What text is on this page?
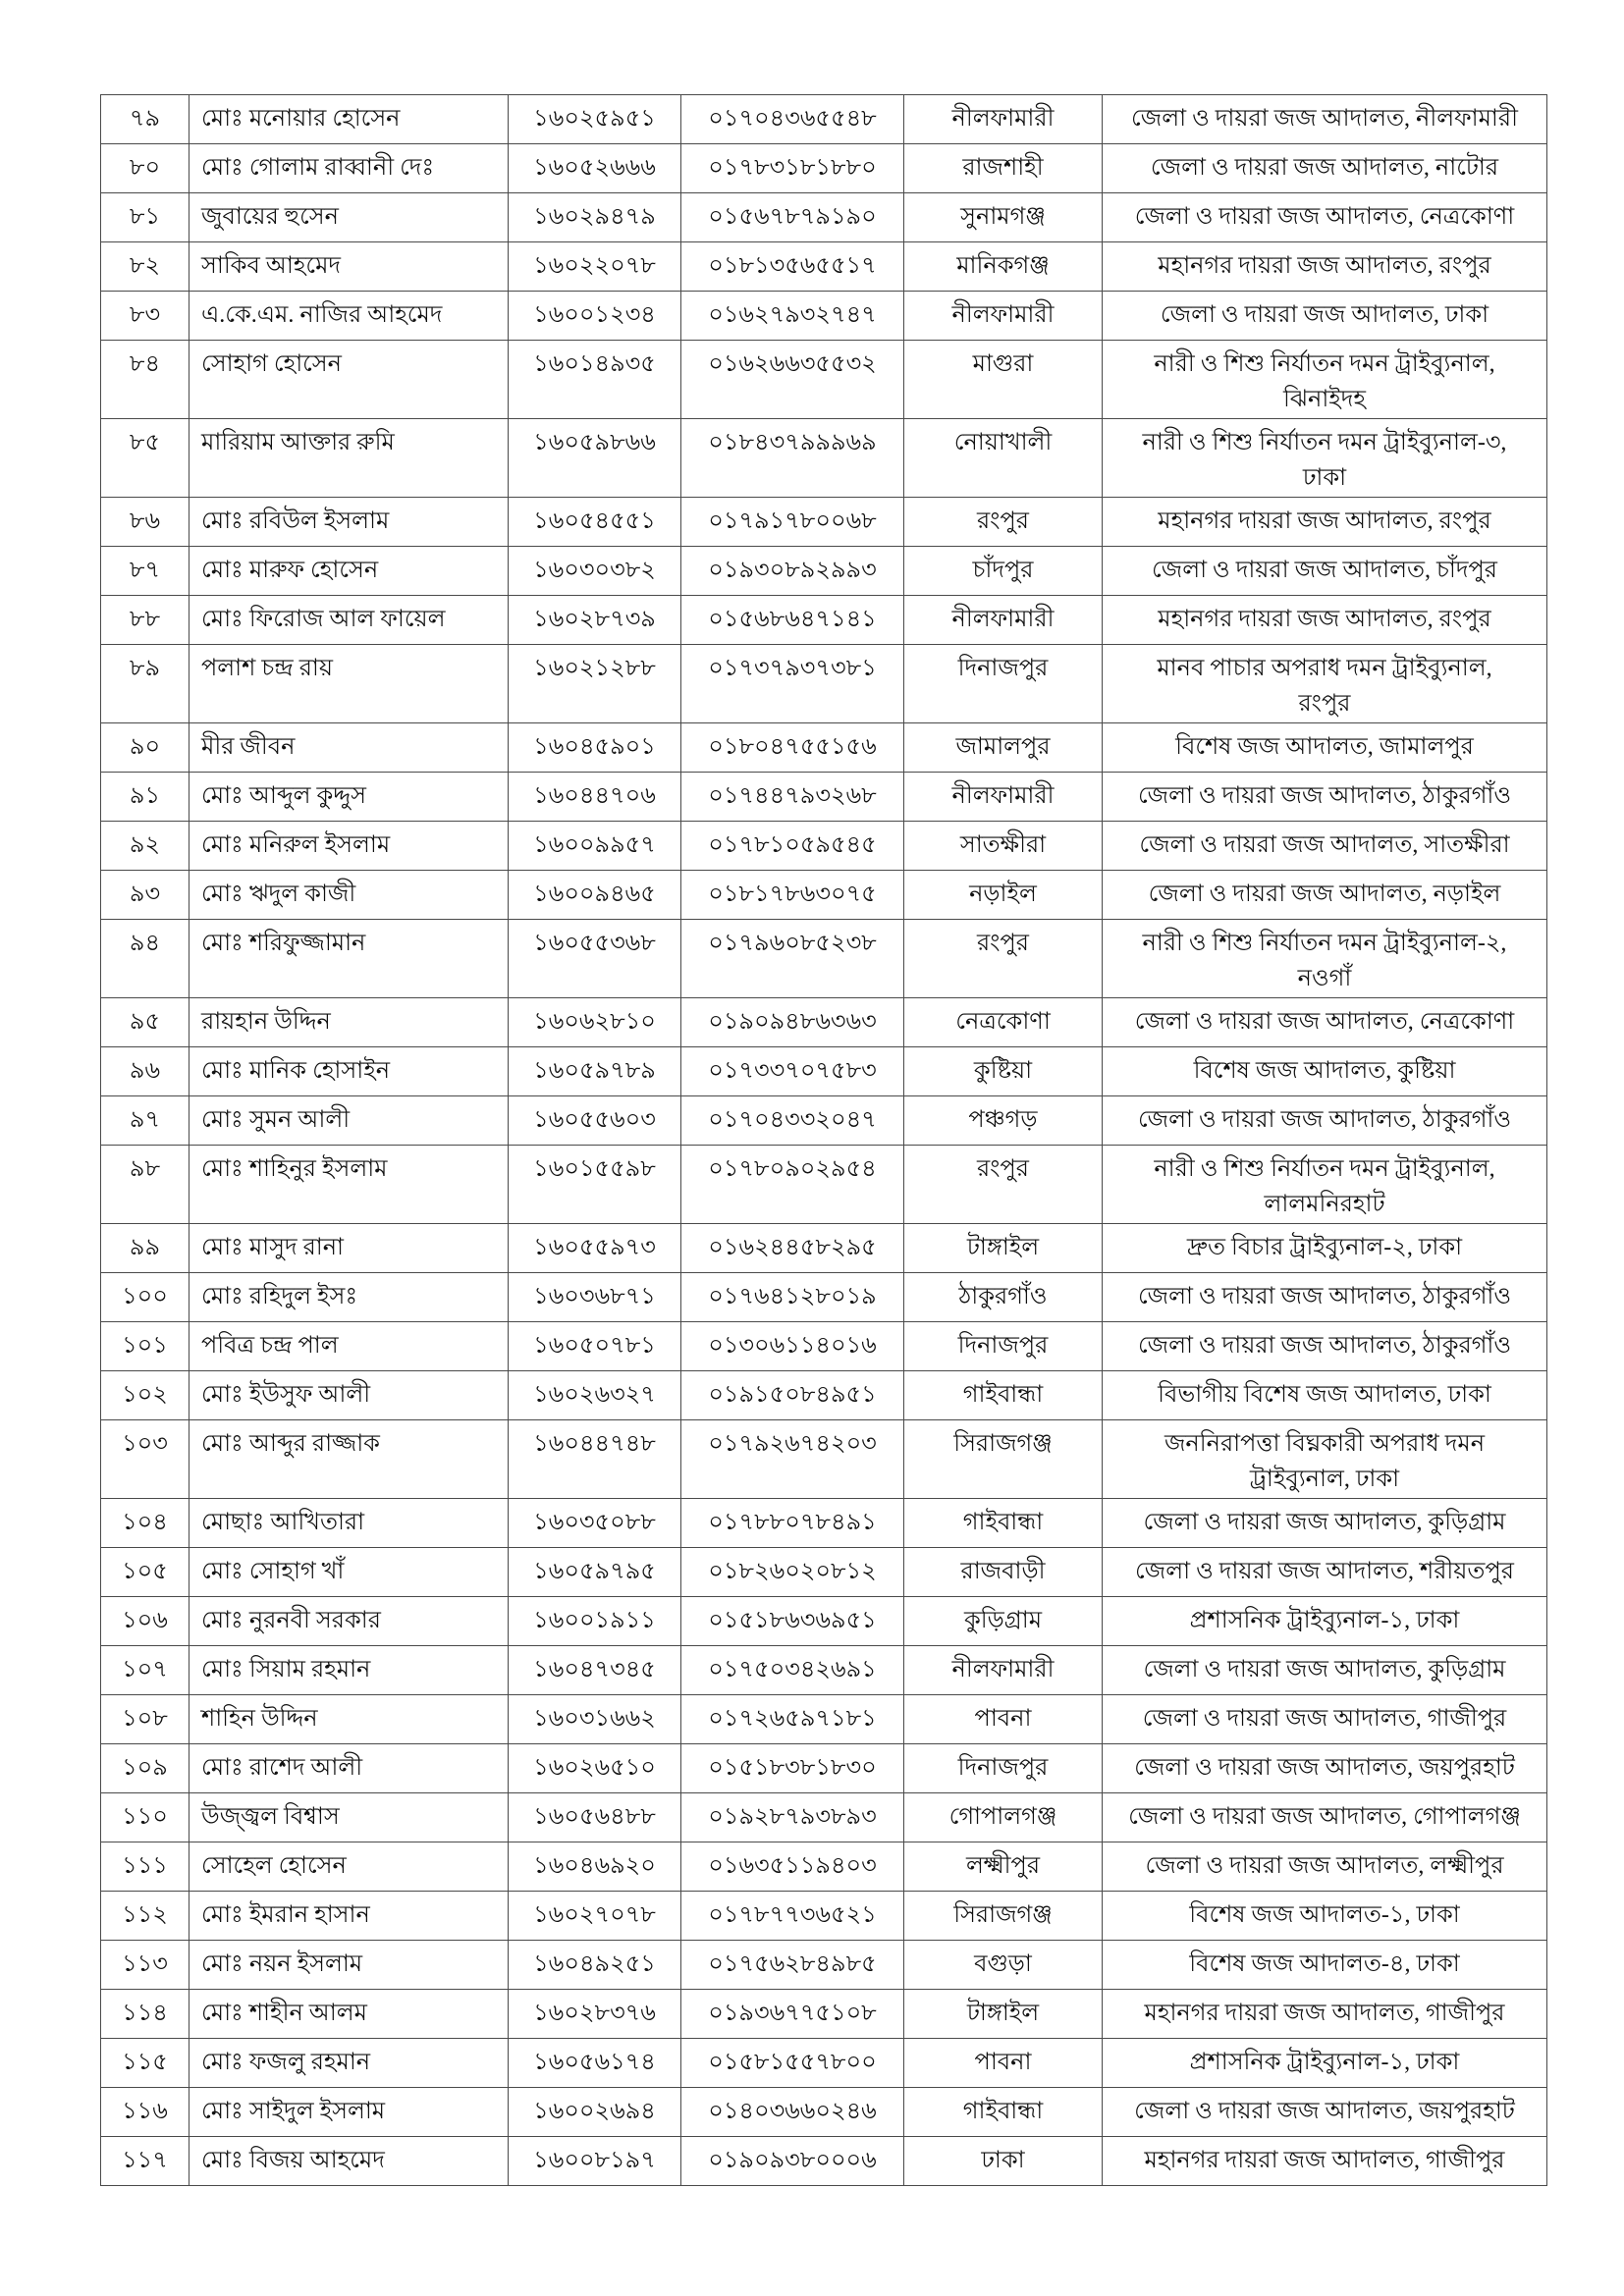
৭৯	মোঃ মনোয়ার হোসেন	১৬০২৫৯৫১	০১৭০৪৩৬৫৫৪৮	নীলফামারী	জেলা ও দায়রা জজ আদালত, নীলফামারী
৮০	মোঃ গোলাম রাব্বানী দেঃ	১৬০৫২৬৬৬	০১৭৮৩১৮১৮৮০	রাজশাহী	জেলা ও দায়রা জজ আদালত, নাটোর
৮১	জুবায়ের হুসেন	১৬০২৯৪৭৯	০১৫৬৭৮৭৯১৯০	সুনামগঞ্জ	জেলা ও দায়রা জজ আদালত, নেত্রকোণা
৮২	সাকিব আহমেদ	১৬০২২০৭৮	০১৮১৩৫৬৫৫১৭	মানিকগঞ্জ	মহানগর দায়রা জজ আদালত, রংপুর
৮৩	এ.কে.এম. নাজির আহমেদ	১৬০০১২৩৪	০১৬২৭৯৩২৭৪৭	নীলফামারী	জেলা ও দায়রা জজ আদালত, ঢাকা
৮৪	সোহাগ হোসেন	১৬০১৪৯৩৫	০১৬২৬৬৩৫৫৩২	মাগুরা	নারী ও শিশু নির্যাতন দমন ট্রাইব্যুনাল,
ঝিনাইদহ
৮৫	মারিয়াম আক্তার রুমি	১৬০৫৯৮৬৬	০১৮৪৩৭৯৯৯৬৯	নোয়াখালী	নারী ও শিশু নির্যাতন দমন ট্রাইব্যুনাল-৩,
ঢাকা
৮৬	মোঃ রবিউল ইসলাম	১৬০৫৪৫৫১	০১৭৯১৭৮০০৬৮	রংপুর	মহানগর দায়রা জজ আদালত, রংপুর
৮৭	মোঃ মারুফ হোসেন	১৬০৩০৩৮২	০১৯৩০৮৯২৯৯৩	চাঁদপুর	জেলা ও দায়রা জজ আদালত, চাঁদপুর
৮৮	মোঃ ফিরোজ আল ফায়েল	১৬০২৮৭৩৯	০১৫৬৮৬৪৭১৪১	নীলফামারী	মহানগর দায়রা জজ আদালত, রংপুর
৮৯	পলাশ চন্দ্র রায়	১৬০২১২৮৮	০১৭৩৭৯৩৭৩৮১	দিনাজপুর	মানব পাচার অপরাধ দমন ট্রাইব্যুনাল,
রংপুর
৯০	মীর জীবন	১৬০৪৫৯০১	০১৮০৪৭৫৫১৫৬	জামালপুর	বিশেষ জজ আদালত, জামালপুর
৯১	মোঃ আব্দুল কুদ্দুস	১৬০৪৪৭০৬	০১৭৪৪৭৯৩২৬৮	নীলফামারী	জেলা ও দায়রা জজ আদালত, ঠাকুরগাঁও
৯২	মোঃ মনিরুল ইসলাম	১৬০০৯৯৫৭	০১৭৮১০৫৯৫৪৫	সাতক্ষীরা	জেলা ও দায়রা জজ আদালত, সাতক্ষীরা
৯৩	মোঃ ঋদুল কাজী	১৬০০৯৪৬৫	০১৮১৭৮৬৩০৭৫	নড়াইল	জেলা ও দায়রা জজ আদালত, নড়াইল
৯৪	মোঃ শরিফুজ্জামান	১৬০৫৫৩৬৮	০১৭৯৬০৮৫২৩৮	রংপুর	নারী ও শিশু নির্যাতন দমন ট্রাইব্যুনাল-২,
নওগাঁ
৯৫	রায়হান উদ্দিন	১৬০৬২৮১০	০১৯০৯৪৮৬৩৬৩	নেত্রকোণা	জেলা ও দায়রা জজ আদালত, নেত্রকোণা
৯৬	মোঃ মানিক হোসাইন	১৬০৫৯৭৮৯	০১৭৩৩৭০৭৫৮৩	কুষ্টিয়া	বিশেষ জজ আদালত, কুষ্টিয়া
৯৭	মোঃ সুমন আলী	১৬০৫৫৬০৩	০১৭০৪৩৩২০৪৭	পঞ্চগড়	জেলা ও দায়রা জজ আদালত, ঠাকুরগাঁও
৯৮	মোঃ শাহিনুর ইসলাম	১৬০১৫৫৯৮	০১৭৮০৯০২৯৫৪	রংপুর	নারী ও শিশু নির্যাতন দমন ট্রাইব্যুনাল,
লালমনিরহাট
৯৯	মোঃ মাসুদ রানা	১৬০৫৫৯৭৩	০১৬২৪৪৫৮২৯৫	টাঙ্গাইল	দ্রুত বিচার ট্রাইব্যুনাল-২, ঢাকা
১০০	মোঃ রহিদুল ইসঃ	১৬০৩৬৮৭১	০১৭৬৪১২৮০১৯	ঠাকুরগাঁও	জেলা ও দায়রা জজ আদালত, ঠাকুরগাঁও
১০১	পবিত্র চন্দ্র পাল	১৬০৫০৭৮১	০১৩০৬১১৪০১৬	দিনাজপুর	জেলা ও দায়রা জজ আদালত, ঠাকুরগাঁও
১০২	মোঃ ইউসুফ আলী	১৬০২৬৩২৭	০১৯১৫০৮৪৯৫১	গাইবান্ধা	বিভাগীয় বিশেষ জজ আদালত, ঢাকা
১০৩	মোঃ আব্দুর রাজ্জাক	১৬০৪৪৭৪৮	০১৭৯২৬৭৪২০৩	সিরাজগঞ্জ	জননিরাপত্তা বিঘ্নকারী অপরাধ দমন
ট্রাইব্যুনাল, ঢাকা
১০৪	মোছাঃ আখিতারা	১৬০৩৫০৮৮	০১৭৮৮০৭৮৪৯১	গাইবান্ধা	জেলা ও দায়রা জজ আদালত, কুড়িগ্রাম
১০৫	মোঃ সোহাগ খাঁ	১৬০৫৯৭৯৫	০১৮২৬০২০৮১২	রাজবাড়ী	জেলা ও দায়রা জজ আদালত, শরীয়তপুর
১০৬	মোঃ নুরনবী সরকার	১৬০০১৯১১	০১৫১৮৬৩৬৯৫১	কুড়িগ্রাম	প্রশাসনিক ট্রাইব্যুনাল-১, ঢাকা
১০৭	মোঃ সিয়াম রহমান	১৬০৪৭৩৪৫	০১৭৫০৩৪২৬৯১	নীলফামারী	জেলা ও দায়রা জজ আদালত, কুড়িগ্রাম
১০৮	শাহিন উদ্দিন	১৬০৩১৬৬২	০১৭২৬৫৯৭১৮১	পাবনা	জেলা ও দায়রা জজ আদালত, গাজীপুর
১০৯	মোঃ রাশেদ আলী	১৬০২৬৫১০	০১৫১৮৩৮১৮৩০	দিনাজপুর	জেলা ও দায়রা জজ আদালত, জয়পুরহাট
১১০	উজ্জ্বল বিশ্বাস	১৬০৫৬৪৮৮	০১৯২৮৭৯৩৮৯৩	গোপালগঞ্জ	জেলা ও দায়রা জজ আদালত, গোপালগঞ্জ
১১১	সোহেল হোসেন	১৬০৪৬৯২০	০১৬৩৫১১৯৪০৩	লক্ষ্মীপুর	জেলা ও দায়রা জজ আদালত, লক্ষ্মীপুর
১১২	মোঃ ইমরান হাসান	১৬০২৭০৭৮	০১৭৮৭৭৩৬৫২১	সিরাজগঞ্জ	বিশেষ জজ আদালত-১, ঢাকা
১১৩	মোঃ নয়ন ইসলাম	১৬০৪৯২৫১	০১৭৫৬২৮৪৯৮৫	বগুড়া	বিশেষ জজ আদালত-৪, ঢাকা
১১৪	মোঃ শাহীন আলম	১৬০২৮৩৭৬	০১৯৩৬৭৭৫১০৮	টাঙ্গাইল	মহানগর দায়রা জজ আদালত, গাজীপুর
১১৫	মোঃ ফজলু রহমান	১৬০৫৬১৭৪	০১৫৮১৫৫৭৮০০	পাবনা	প্রশাসনিক ট্রাইব্যুনাল-১, ঢাকা
১১৬	মোঃ সাইদুল ইসলাম	১৬০০২৬৯৪	০১৪০৩৬৬০২৪৬	গাইবান্ধা	জেলা ও দায়রা জজ আদালত, জয়পুরহাট
১১৭	মোঃ বিজয় আহমেদ	১৬০০৮১৯৭	০১৯০৯৩৮০০০৬	ঢাকা	মহানগর দায়রা জজ আদালত, গাজীপুর
